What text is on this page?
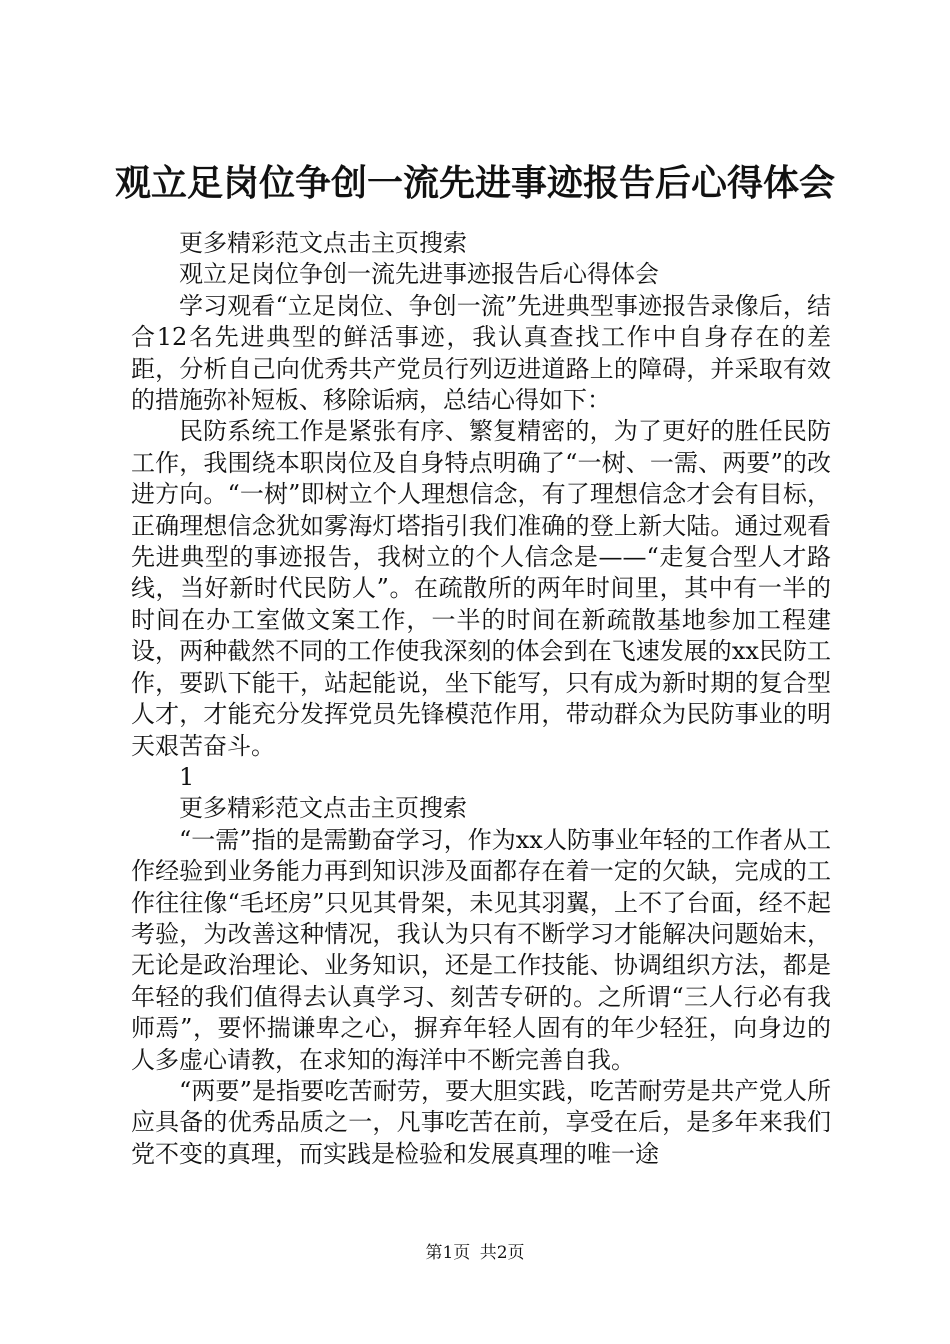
观立足岗位争创一流先进事迹报告后心得体会

更多精彩范文点击主页搜索

观立足岗位争创一流先进事迹报告后心得体会

学习观看“立足岗位、争创一流”先进典型事迹报告录像后，结合12名先进典型的鲜活事迹，我认真查找工作中自身存在的差距，分析自己向优秀共产党员行列迈进道路上的障碍，并采取有效的措施弥补短板、移除诟病，总结心得如下：

民防系统工作是紧张有序、繁复精密的，为了更好的胜任民防工作，我围绕本职岗位及自身特点明确了“一树、一需、两要”的改进方向。“一树”即树立个人理想信念，有了理想信念才会有目标，正确理想信念犹如雾海灯塔指引我们准确的登上新大陆。通过观看先进典型的事迹报告，我树立的个人信念是——“走复合型人才路线，当好新时代民防人”。在疏散所的两年时间里，其中有一半的时间在办工室做文案工作，一半的时间在新疏散基地参加工程建设，两种截然不同的工作使我深刻的体会到在飞速发展的xx民防工作，要趴下能干，站起能说，坐下能写，只有成为新时期的复合型人才，才能充分发挥党员先锋模范作用，带动群众为民防事业的明天艰苦奋斗。

1

更多精彩范文点击主页搜索

“一需”指的是需勤奋学习，作为xx人防事业年轻的工作者从工作经验到业务能力再到知识涉及面都存在着一定的欠缺，完成的工作往往像“毛坯房”只见其骨架，未见其羽翼，上不了台面，经不起考验，为改善这种情况，我认为只有不断学习才能解决问题始末，无论是政治理论、业务知识，还是工作技能、协调组织方法，都是年轻的我们值得去认真学习、刻苦专研的。之所谓“三人行必有我师焉”，要怀揣谦卑之心，摒弃年轻人固有的年少轻狂，向身边的人多虚心请教，在求知的海洋中不断完善自我。

“两要”是指要吃苦耐劳，要大胆实践，吃苦耐劳是共产党人所应具备的优秀品质之一，凡事吃苦在前，享受在后，是多年来我们党不变的真理，而实践是检验和发展真理的唯一途

第1页 共2页
